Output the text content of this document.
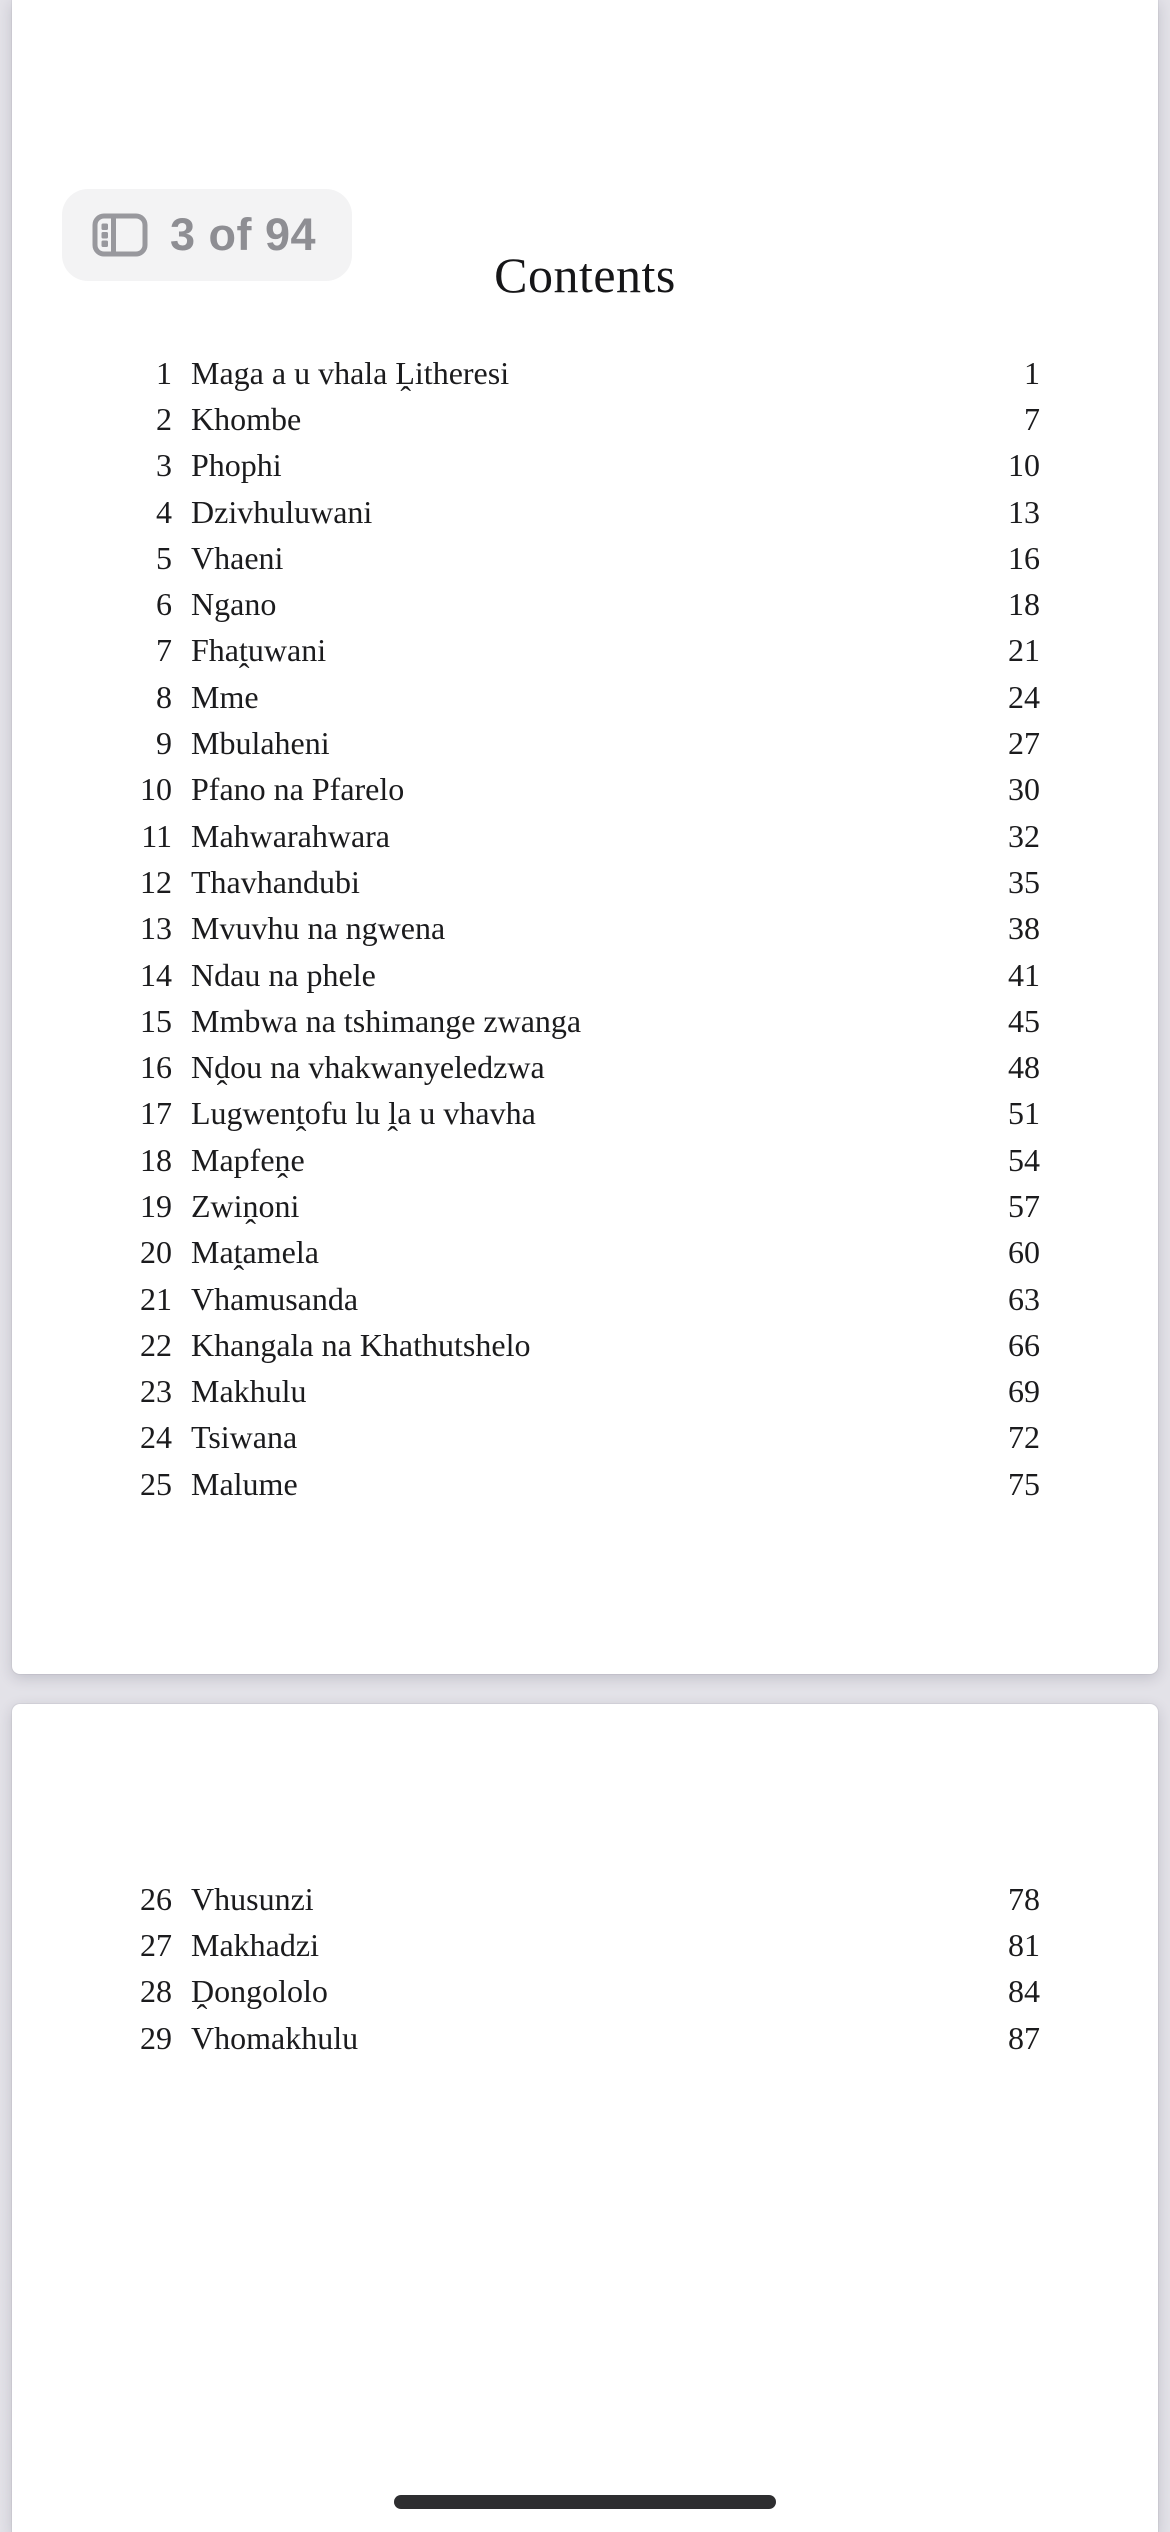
3 of 94
Contents
1 Maga a u vhala Ḽitheresi	1
2 Khombe	7
3 Phophi	10
4 Dzivhuluwani	13
5 Vhaeni	16
6 Ngano	18
7 Fhaṱuwani	21
8 Mme	24
9 Mbulaheni	27
10 Pfano na Pfarelo	30
11 Mahwarahwara	32
12 Thavhandubi	35
13 Mvuvhu na ngwena	38
14 Ndau na phele	41
15 Mmbwa na tshimange zwanga	45
16 Nḓou na vhakwanyeledzwa	48
17 Lugwenṱofu lu ḽa u vhavha	51
18 Mapfeṋe	54
19 Zwiṋoni	57
20 Maṱamela	60
21 Vhamusanda	63
22 Khangala na Khathutshelo	66
23 Makhulu	69
24 Tsiwana	72
25 Malume	75
26 Vhusunzi	78
27 Makhadzi	81
28 Ḓongololo	84
29 Vhomakhulu	87
